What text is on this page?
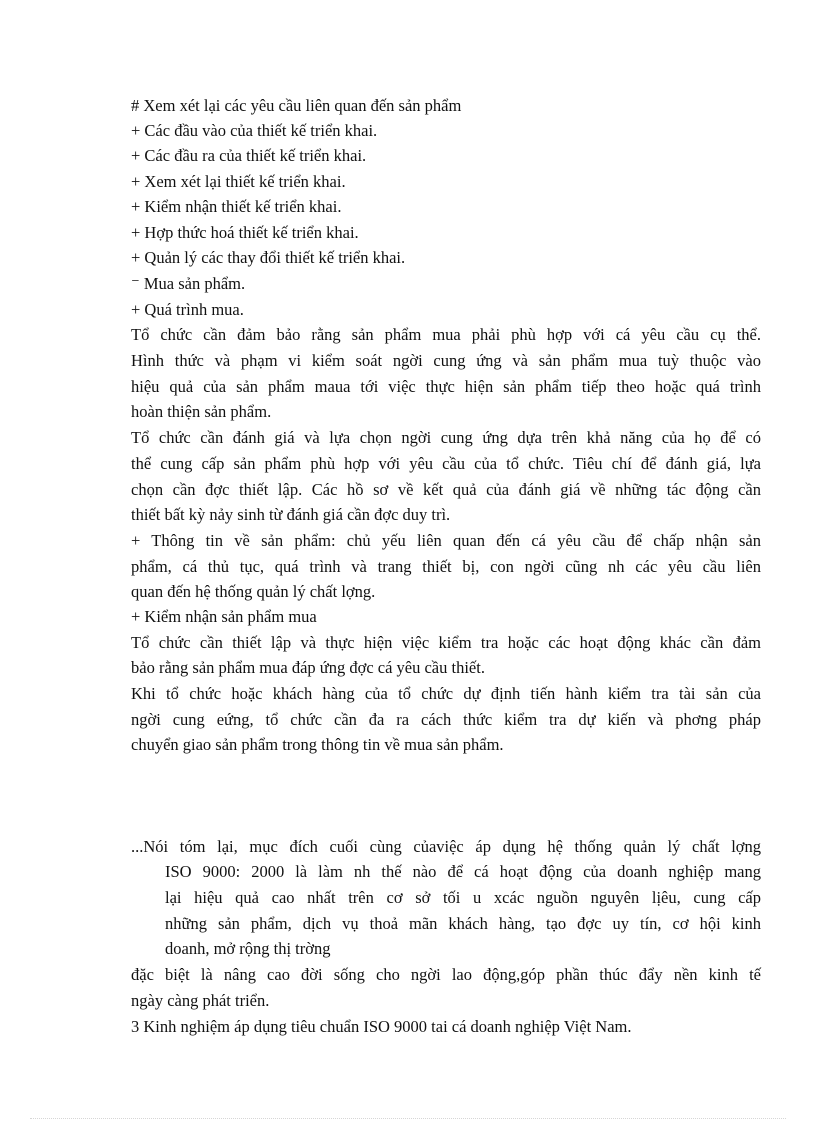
# Xem xét lại các yêu cầu liên quan đến sản phẩm
+ Các đầu vào của thiết kế triển khai.
+ Các đầu ra của thiết kế triển khai.
+ Xem xét lại thiết kế triển khai.
+ Kiểm nhận thiết kế triển khai.
+ Hợp thức hoá thiết kế triển khai.
+ Quản lý các thay đổi thiết kế triển khai.
⁻ Mua sản phẩm.
+ Quá trình mua.
Tổ chức cần đảm bảo rằng sản phẩm mua phải phù hợp với cá yêu cầu cụ thể.
Hình thức và phạm vi kiểm soát ngời cung ứng và sản phẩm mua tuỳ thuộc vào
hiệu quả của sản phẩm maua tới việc thực hiện sản phẩm tiếp theo hoặc quá trình
hoàn thiện sản phẩm.
Tổ chức cần đánh giá và lựa chọn ngời cung ứng dựa trên khả năng của họ để có
thể cung cấp sản phẩm phù hợp với yêu cầu của tổ chức. Tiêu chí để đánh giá, lựa
chọn cần đợc thiết lập. Các hồ sơ về kết quả của đánh giá về những tác động cần
thiết bất kỳ nảy sinh từ đánh giá cần đợc duy trì.
+ Thông tin về sản phẩm: chủ yếu liên quan đến cá yêu cầu để chấp nhận sản
phẩm, cá thủ tục, quá trình và trang thiết bị, con ngời cũng nh các yêu cầu liên
quan đến hệ thống quản lý chất lợng.
+ Kiểm nhận sản phẩm mua
Tổ chức cần thiết lập và thực hiện việc kiểm tra hoặc các hoạt động khác cần đảm
bảo rằng sản phẩm mua đáp ứng đợc cá yêu cầu thiết.
Khi tổ chức hoặc khách hàng của tổ chức dự định tiến hành kiểm tra tài sản của
ngời cung eứng, tổ chức cần đa ra cách thức kiểm tra dự kiến và phơng pháp
chuyển giao sản phẩm trong thông tin về mua sản phẩm.
...Nói tóm lại, mục đích cuối cùng củaviệc áp dụng hệ thống quản lý chất lợng
ISO 9000: 2000 là làm nh thế nào để cá hoạt động của doanh nghiệp mang
lại hiệu quả cao nhất trên cơ sở tối u xcác nguồn nguyên lịêu, cung cấp
những sản phẩm, dịch vụ thoả mãn khách hàng, tạo đợc uy tín, cơ hội kinh
doanh, mở rộng thị trờng
đặc biệt là nâng cao đời sống cho ngời lao động,góp phần thúc đẩy nền kinh tế
ngày càng phát triển.
3 Kinh nghiệm áp dụng tiêu chuẩn ISO 9000 tai cá doanh nghiệp Việt Nam.
